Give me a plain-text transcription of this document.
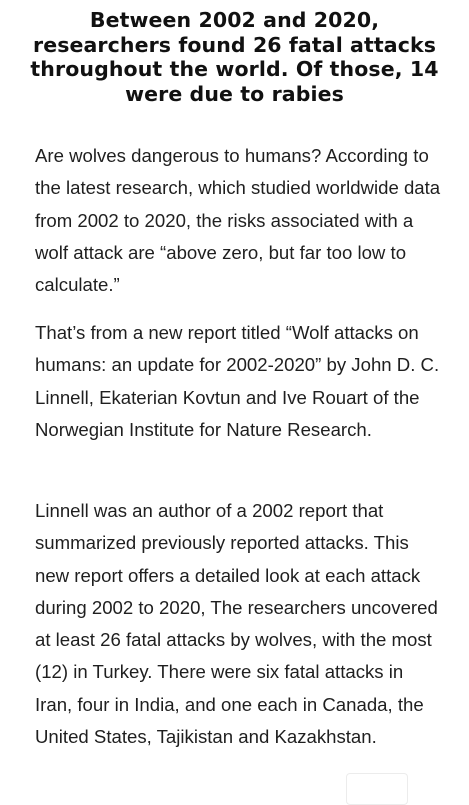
Between 2002 and 2020, researchers found 26 fatal attacks throughout the world. Of those, 14 were due to rabies

Are wolves dangerous to humans? According to the latest research, which studied worldwide data from 2002 to 2020, the risks associated with a wolf attack are “above zero, but far too low to calculate.”

That’s from a new report titled “Wolf attacks on humans: an update for 2002-2020” by John D. C. Linnell, Ekaterian Kovtun and Ive Rouart of the Norwegian Institute for Nature Research.

Linnell was an author of a 2002 report that summarized previously reported attacks. This new report offers a detailed look at each attack during 2002 to 2020, The researchers uncovered at least 26 fatal attacks by wolves, with the most (12) in Turkey. There were six fatal attacks in Iran, four in India, and one each in Canada, the United States, Tajikistan and Kazakhstan.
